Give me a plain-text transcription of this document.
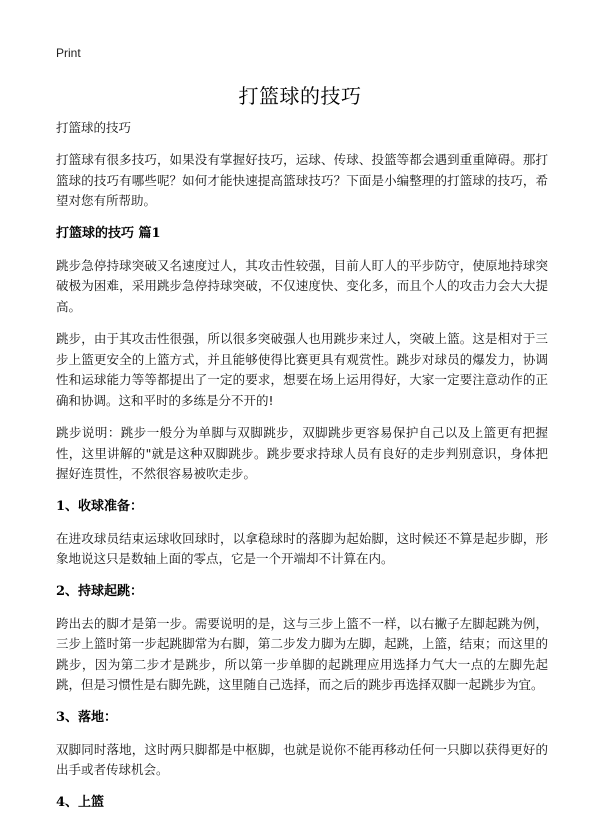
Print
打篮球的技巧

打篮球的技巧

打篮球有很多技巧，如果没有掌握好技巧，运球、传球、投篮等都会遇到重重障碍。那打篮球的技巧有哪些呢？如何才能快速提高篮球技巧？下面是小编整理的打篮球的技巧，希望对您有所帮助。

打篮球的技巧 篇1

跳步急停持球突破又名速度过人，其攻击性较强，目前人盯人的平步防守，使原地持球突破极为困难，采用跳步急停持球突破，不仅速度快、变化多，而且个人的攻击力会大大提高。

跳步，由于其攻击性很强，所以很多突破强人也用跳步来过人，突破上篮。这是相对于三步上篮更安全的上篮方式，并且能够使得比赛更具有观赏性。跳步对球员的爆发力，协调性和运球能力等等都提出了一定的要求，想要在场上运用得好，大家一定要注意动作的正确和协调。这和平时的多练是分不开的!

跳步说明：跳步一般分为单脚与双脚跳步，双脚跳步更容易保护自己以及上篮更有把握性，这里讲解的"就是这种双脚跳步。跳步要求持球人员有良好的走步判别意识，身体把握好连贯性，不然很容易被吹走步。

1、收球准备：

在进攻球员结束运球收回球时，以拿稳球时的落脚为起始脚，这时候还不算是起步脚，形象地说这只是数轴上面的零点，它是一个开端却不计算在内。

2、持球起跳：

跨出去的脚才是第一步。需要说明的是，这与三步上篮不一样，以右撇子左脚起跳为例，三步上篮时第一步起跳脚常为右脚，第二步发力脚为左脚，起跳，上篮，结束；而这里的跳步，因为第二步才是跳步，所以第一步单脚的起跳理应用选择力气大一点的左脚先起跳，但是习惯性是右脚先跳，这里随自己选择，而之后的跳步再选择双脚一起跳步为宜。

3、落地：

双脚同时落地，这时两只脚都是中枢脚，也就是说你不能再移动任何一只脚以获得更好的出手或者传球机会。

4、上篮
